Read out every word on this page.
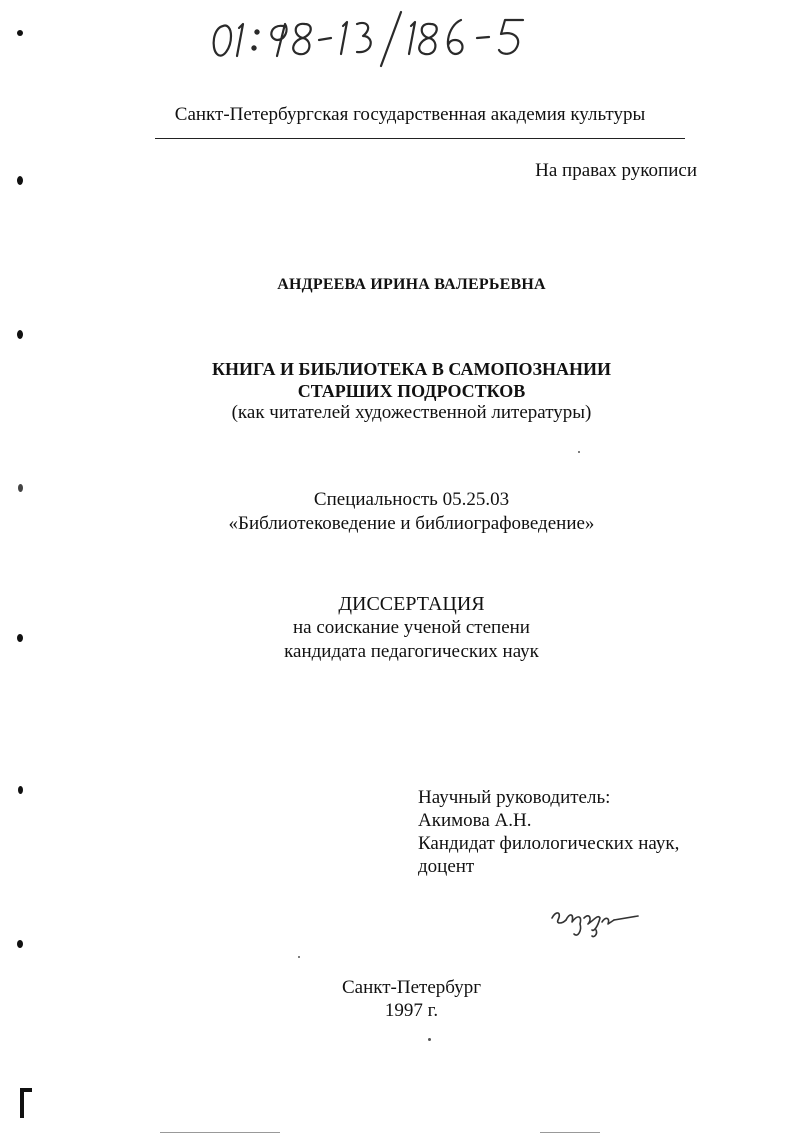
01:98-13/186-5
Санкт-Петербургская государственная академия культуры
На правах рукописи
АНДРЕЕВА ИРИНА ВАЛЕРЬЕВНА
КНИГА И БИБЛИОТЕКА В САМОПОЗНАНИИ
СТАРШИХ ПОДРОСТКОВ
(как читателей художественной литературы)
Специальность 05.25.03
«Библиотековедение и библиографоведение»
ДИССЕРТАЦИЯ
на соискание ученой степени
кандидата педагогических наук
Научный руководитель:
Акимова А.Н.
Кандидат филологических наук,
доцент
Санкт-Петербург
1997 г.
